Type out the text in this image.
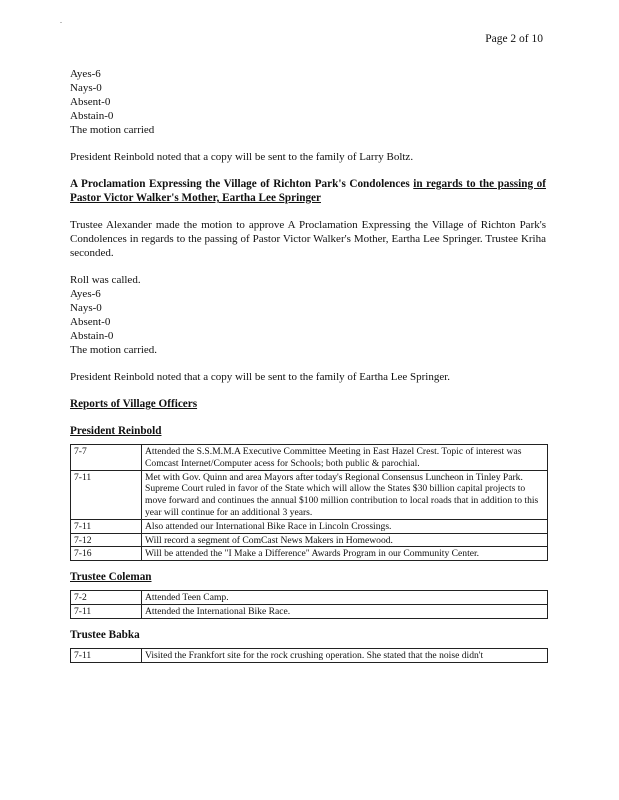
.
Page 2 of 10
Ayes-6
Nays-0
Absent-0
Abstain-0
The motion carried

President Reinbold noted that a copy will be sent to the family of Larry Boltz.

A Proclamation Expressing the Village of Richton Park's Condolences in regards to the passing of Pastor Victor Walker's Mother, Eartha Lee Springer

Trustee Alexander made the motion to approve A Proclamation Expressing the Village of Richton Park's Condolences in regards to the passing of Pastor Victor Walker's Mother, Eartha Lee Springer. Trustee Kriha seconded.

Roll was called.
Ayes-6
Nays-0
Absent-0
Abstain-0
The motion carried.

President Reinbold noted that a copy will be sent to the family of Eartha Lee Springer.

Reports of Village Officers
President Reinbold
7-7	Attended the S.S.M.M.A Executive Committee Meeting in East Hazel Crest. Topic of interest was Comcast Internet/Computer acess for Schools; both public & parochial.
7-11	Met with Gov. Quinn and area Mayors after today's Regional Consensus Luncheon in Tinley Park. Supreme Court ruled in favor of the State which will allow the States $30 billion capital projects to move forward and continues the annual $100 million contribution to local roads that in addition to this year will continue for an additional 3 years.
7-11	Also attended our International Bike Race in Lincoln Crossings.
7-12	Will record a segment of ComCast News Makers in Homewood.
7-16	Will be attended the "I Make a Difference" Awards Program in our Community Center.
Trustee Coleman
7-2	Attended Teen Camp.
7-11	Attended the International Bike Race.
Trustee Babka
7-11	Visited the Frankfort site for the rock crushing operation. She stated that the noise didn't
